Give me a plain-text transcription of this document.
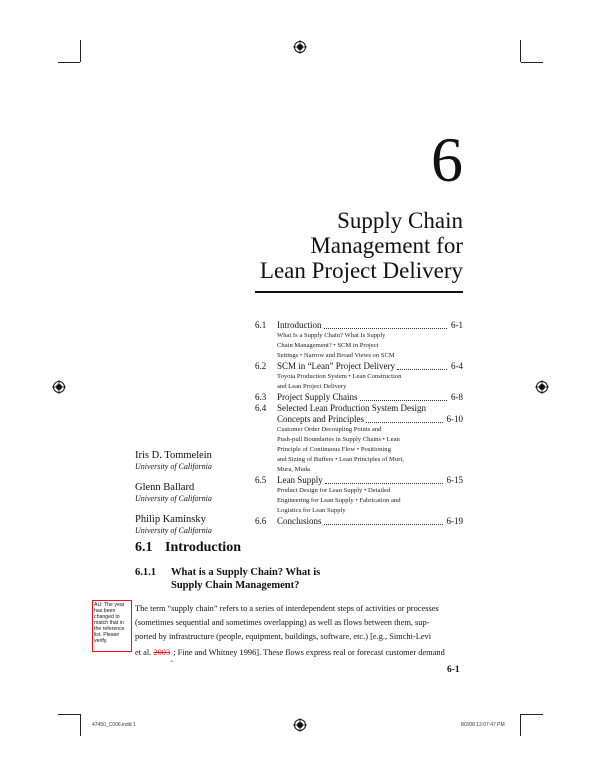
6
Supply Chain
Management for
Lean Project Delivery
6.1	Introduction	6-1
What Is a Supply Chain? What Is Supply
Chain Management? • SCM in Project
Settings • Narrow and Broad Views on SCM
6.2	SCM in “Lean” Project Delivery	6-4
Toyota Production System • Lean Construction
and Lean Project Delivery
6.3	Project Supply Chains	6-8
6.4	Selected Lean Production System Design
Concepts and Principles	6-10
Customer Order Decoupling Points and
Push-pull Boundaries in Supply Chains • Lean
Principle of Continuous Flow • Positioning
and Sizing of Buffers • Lean Principles of Muri,
Mura, Muda
6.5	Lean Supply	6-15
Product Design for Lean Supply • Detailed
Engineering for Lean Supply • Fabrication and
Logistics for Lean Supply
6.6	Conclusions	6-19
Iris D. Tommelein
University of California
Glenn Ballard
University of California
Philip Kaminsky
University of California
6.1 Introduction
6.1.1 What is a Supply Chain? What is
Supply Chain Management?
AU: The year has been changed to match that in the reference list. Please verify.

The term “supply chain” refers to a series of interdependent steps of activities or processes

(sometimes sequential and sometimes overlapping) as well as flows between them, sup-

ported by infrastructure (people, equipment, buildings, software, etc.) [e.g., Simchi-Levi

et al. 2003‸; Fine and Whitney 1996]. These flows express real or forecast customer demand

6-1
47450_C006.indd 1	8/2/08 12:07:47 PM
